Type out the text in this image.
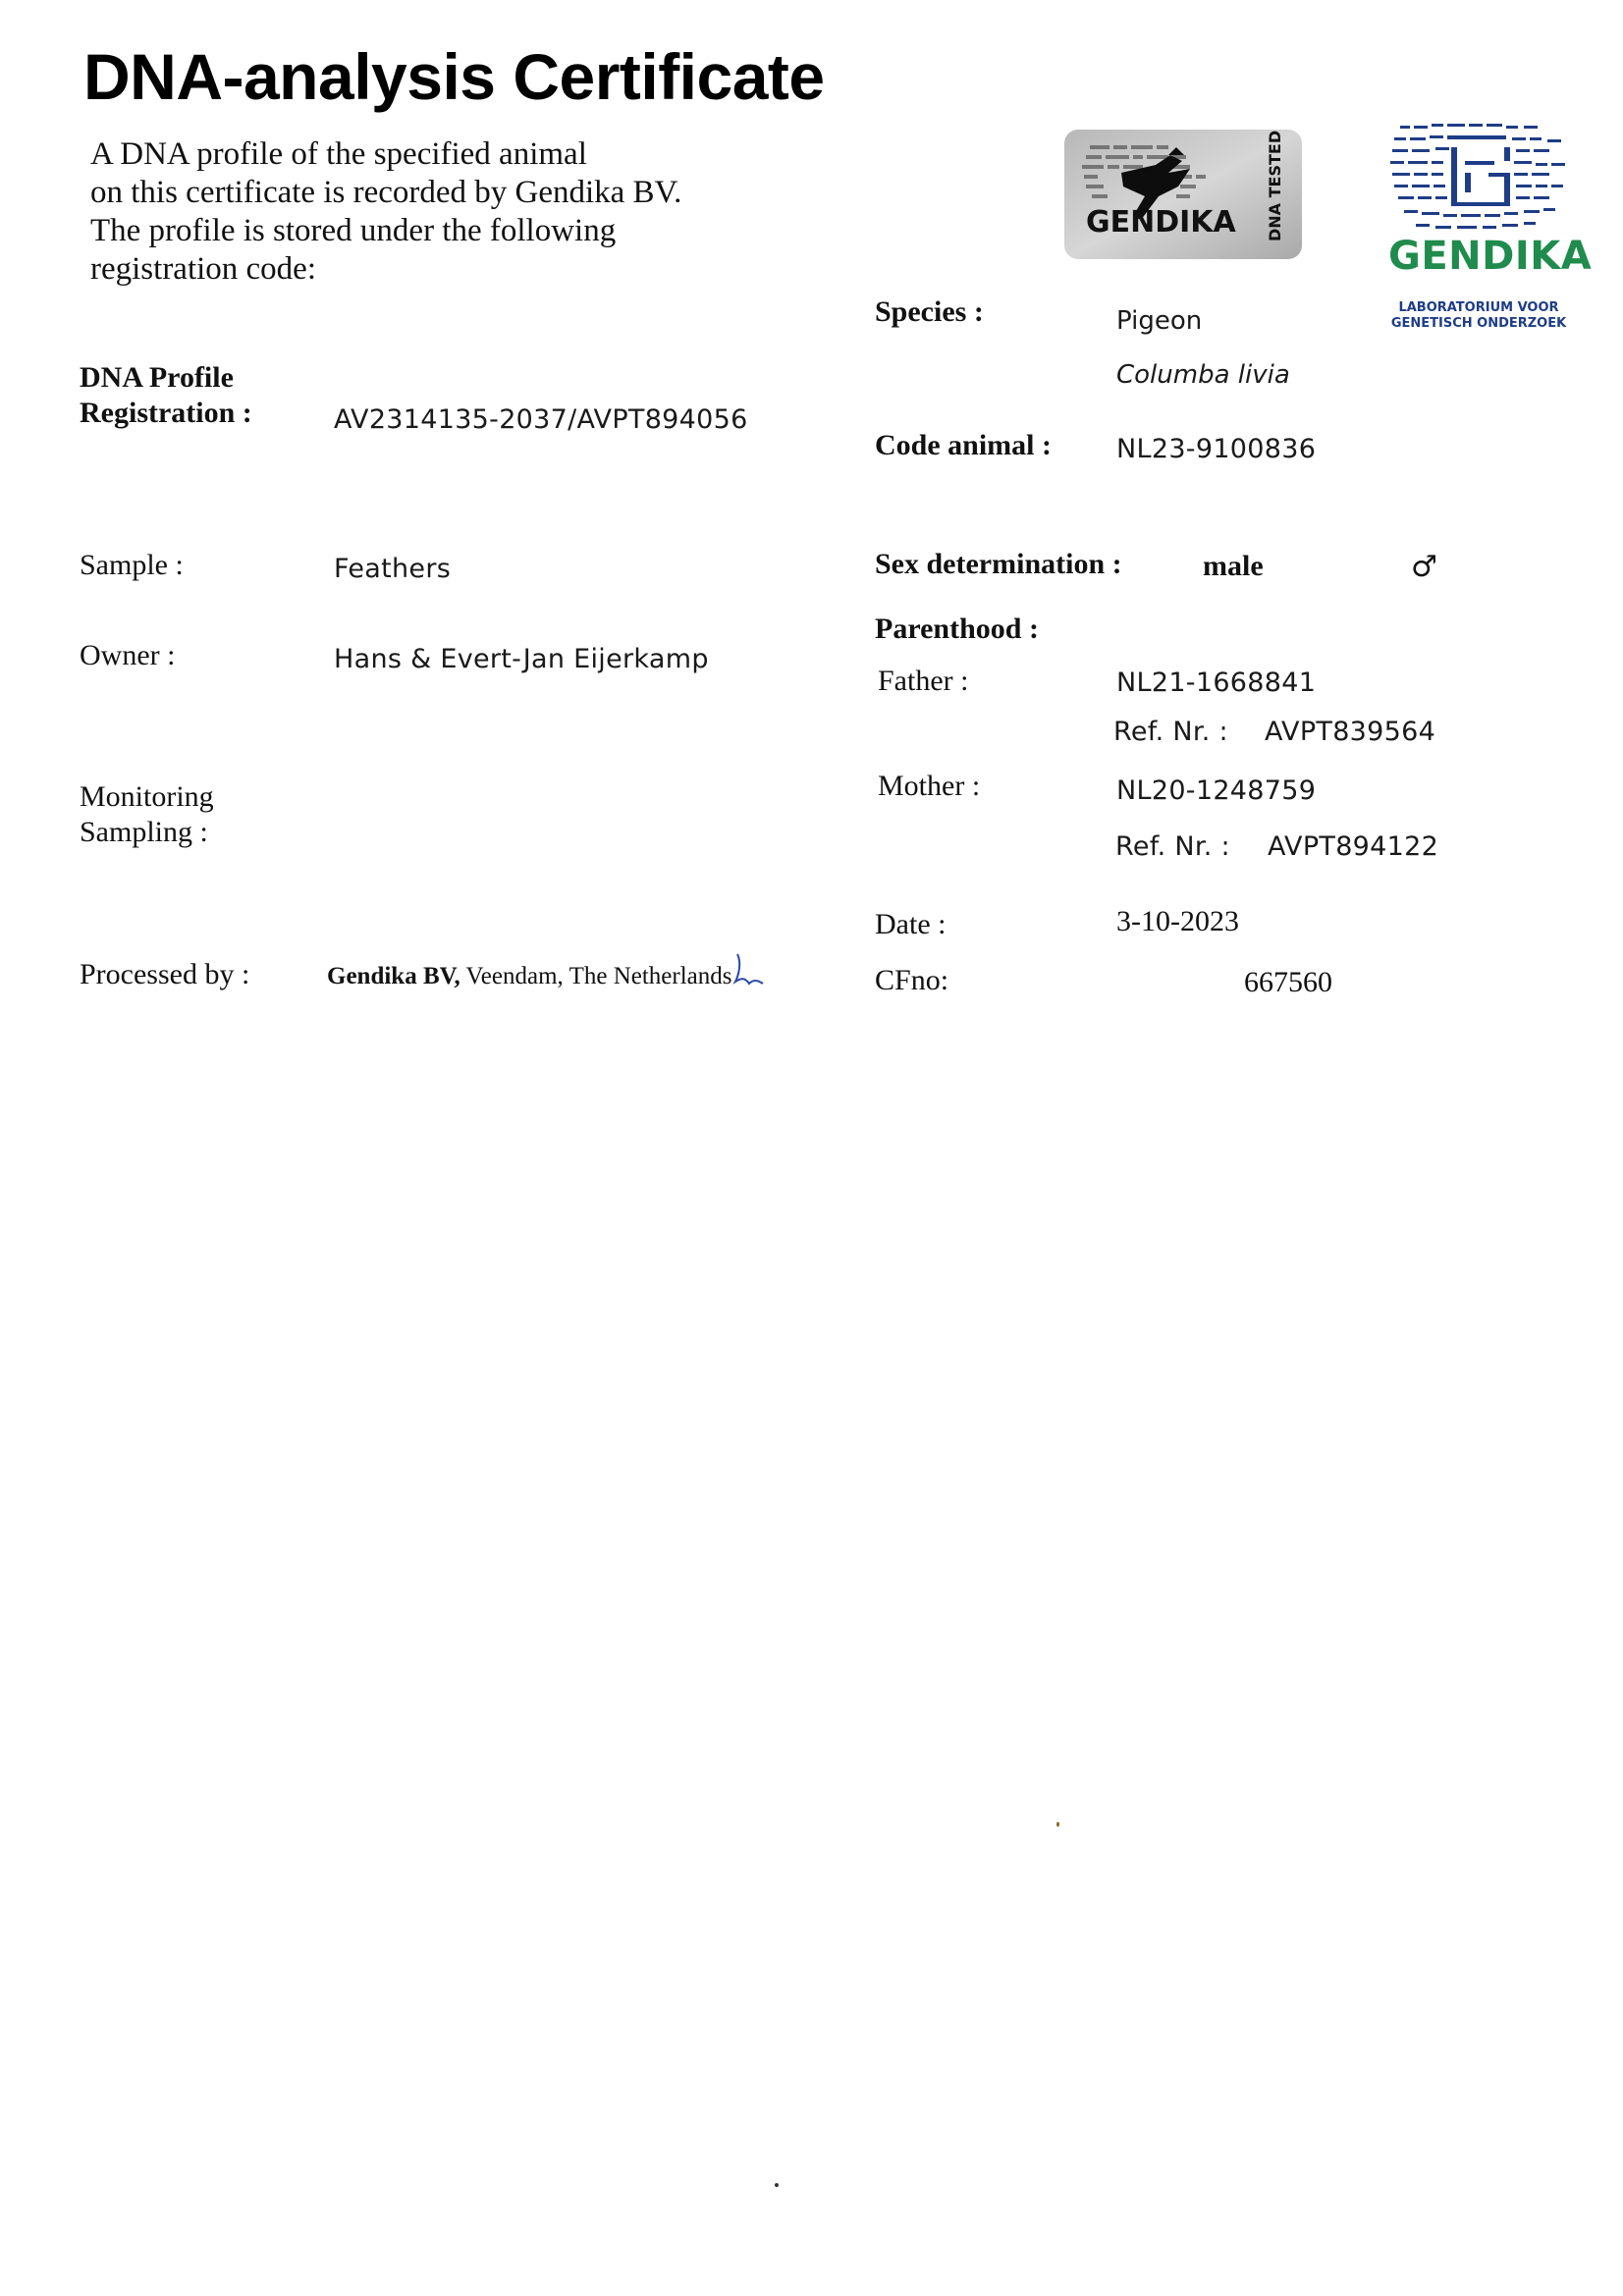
DNA-analysis Certificate
A DNA profile of the specified animal
on this certificate is recorded by Gendika BV.
The profile is stored under the following
registration code:
GENDIKA DNA TESTED
GENDIKA
LABORATORIUM VOOR
GENETISCH ONDERZOEK
DNA Profile
Registration :	AV2314135-2037/AVPT894056
Sample :	Feathers
Owner :	Hans & Evert-Jan Eijerkamp
Monitoring
Sampling :
Processed by :	Gendika BV, Veendam, The Netherlands
Species :	Pigeon
Columba livia
Code animal : NL23-9100836
Sex determination :	male	♂
Parenthood :
Father :	NL21-1668841
Ref. Nr. : AVPT839564
Mother :	NL20-1248759
Ref. Nr. : AVPT894122
Date :	3-10-2023
CFno:	667560
